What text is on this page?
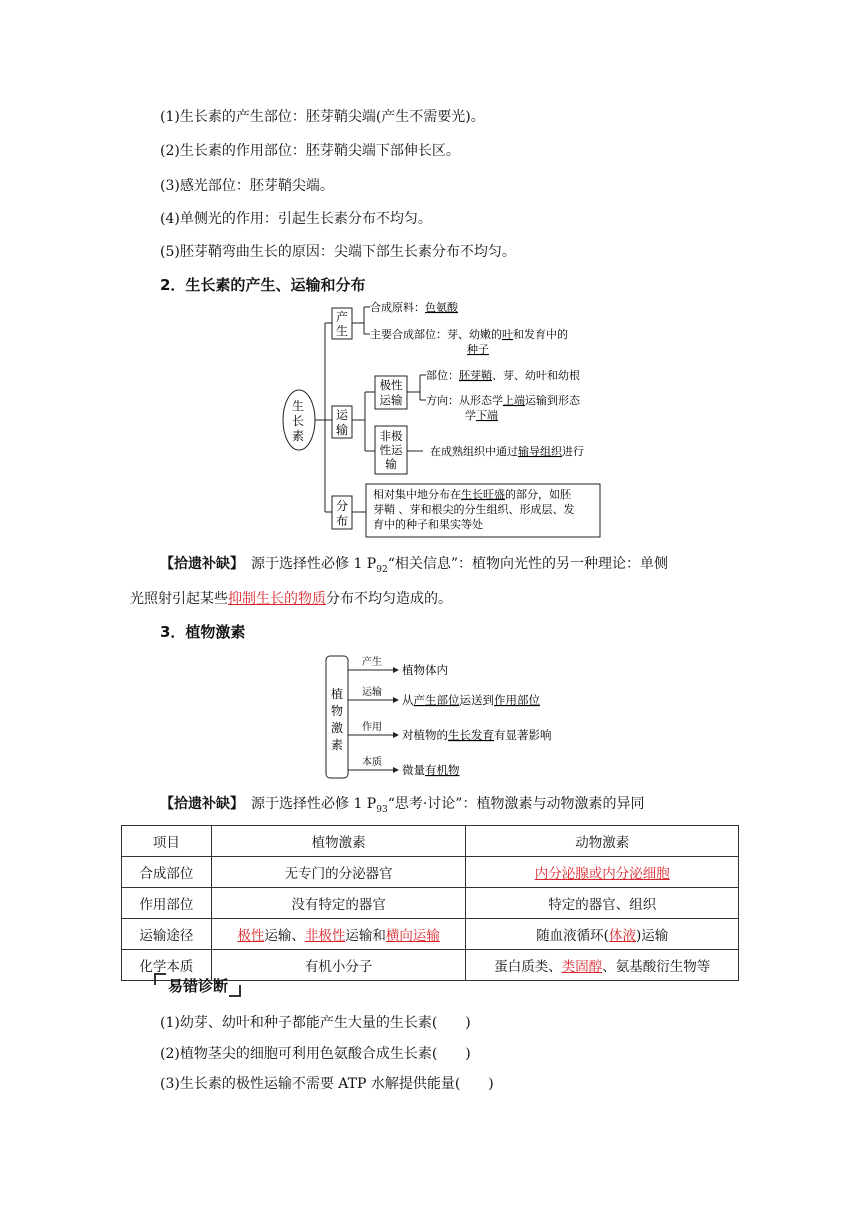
(1)生长素的产生部位：胚芽鞘尖端(产生不需要光)。
(2)生长素的作用部位：胚芽鞘尖端下部伸长区。
(3)感光部位：胚芽鞘尖端。
(4)单侧光的作用：引起生长素分布不均匀。
(5)胚芽鞘弯曲生长的原因：尖端下部生长素分布不均匀。
2．生长素的产生、运输和分布
生
长
素
产
生
运
输
分
布
极性
运输
非极
性运
输
合成原料：色氨酸
主要合成部位：芽、幼嫩的叶和发育中的
种子
部位：胚芽鞘、芽、幼叶和幼根
方向：从形态学上端运输到形态
学下端
在成熟组织中通过输导组织进行
相对集中地分布在生长旺盛的部分，如胚
芽鞘 、芽和根尖的分生组织、形成层、发
育中的种子和果实等处
【拾遗补缺】　 源于选择性必修 1 $P_{92}“$相关信息”：植物向光性的另一种理论：单侧
光照射引起某些抑制生长的物质分布不均匀造成的。
3．植物激素
植
物
激
素
产生
运输
作用
本质
植物体内
从产生部位运送到作用部位
对植物的生长发育有显著影响
微量有机物
【拾遗补缺】　 源于选择性必修 1 $P_{93}“$思考·讨论”：植物激素与动物激素的异同
项目	植物激素	动物激素
合成部位	无专门的分泌器官	内分泌腺或内分泌细胞
作用部位	没有特定的器官	特定的器官、组织
运输途径	极性运输、非极性运输和横向运输	随血液循环(体液)运输
化学本质	有机小分子	蛋白质类、类固醇、氨基酸衍生物等
易错诊断
(1)幼芽、幼叶和种子都能产生大量的生长素(　　)
(2)植物茎尖的细胞可利用色氨酸合成生长素(　　)
(3)生长素的极性运输不需要 ATP 水解提供能量(　　)
